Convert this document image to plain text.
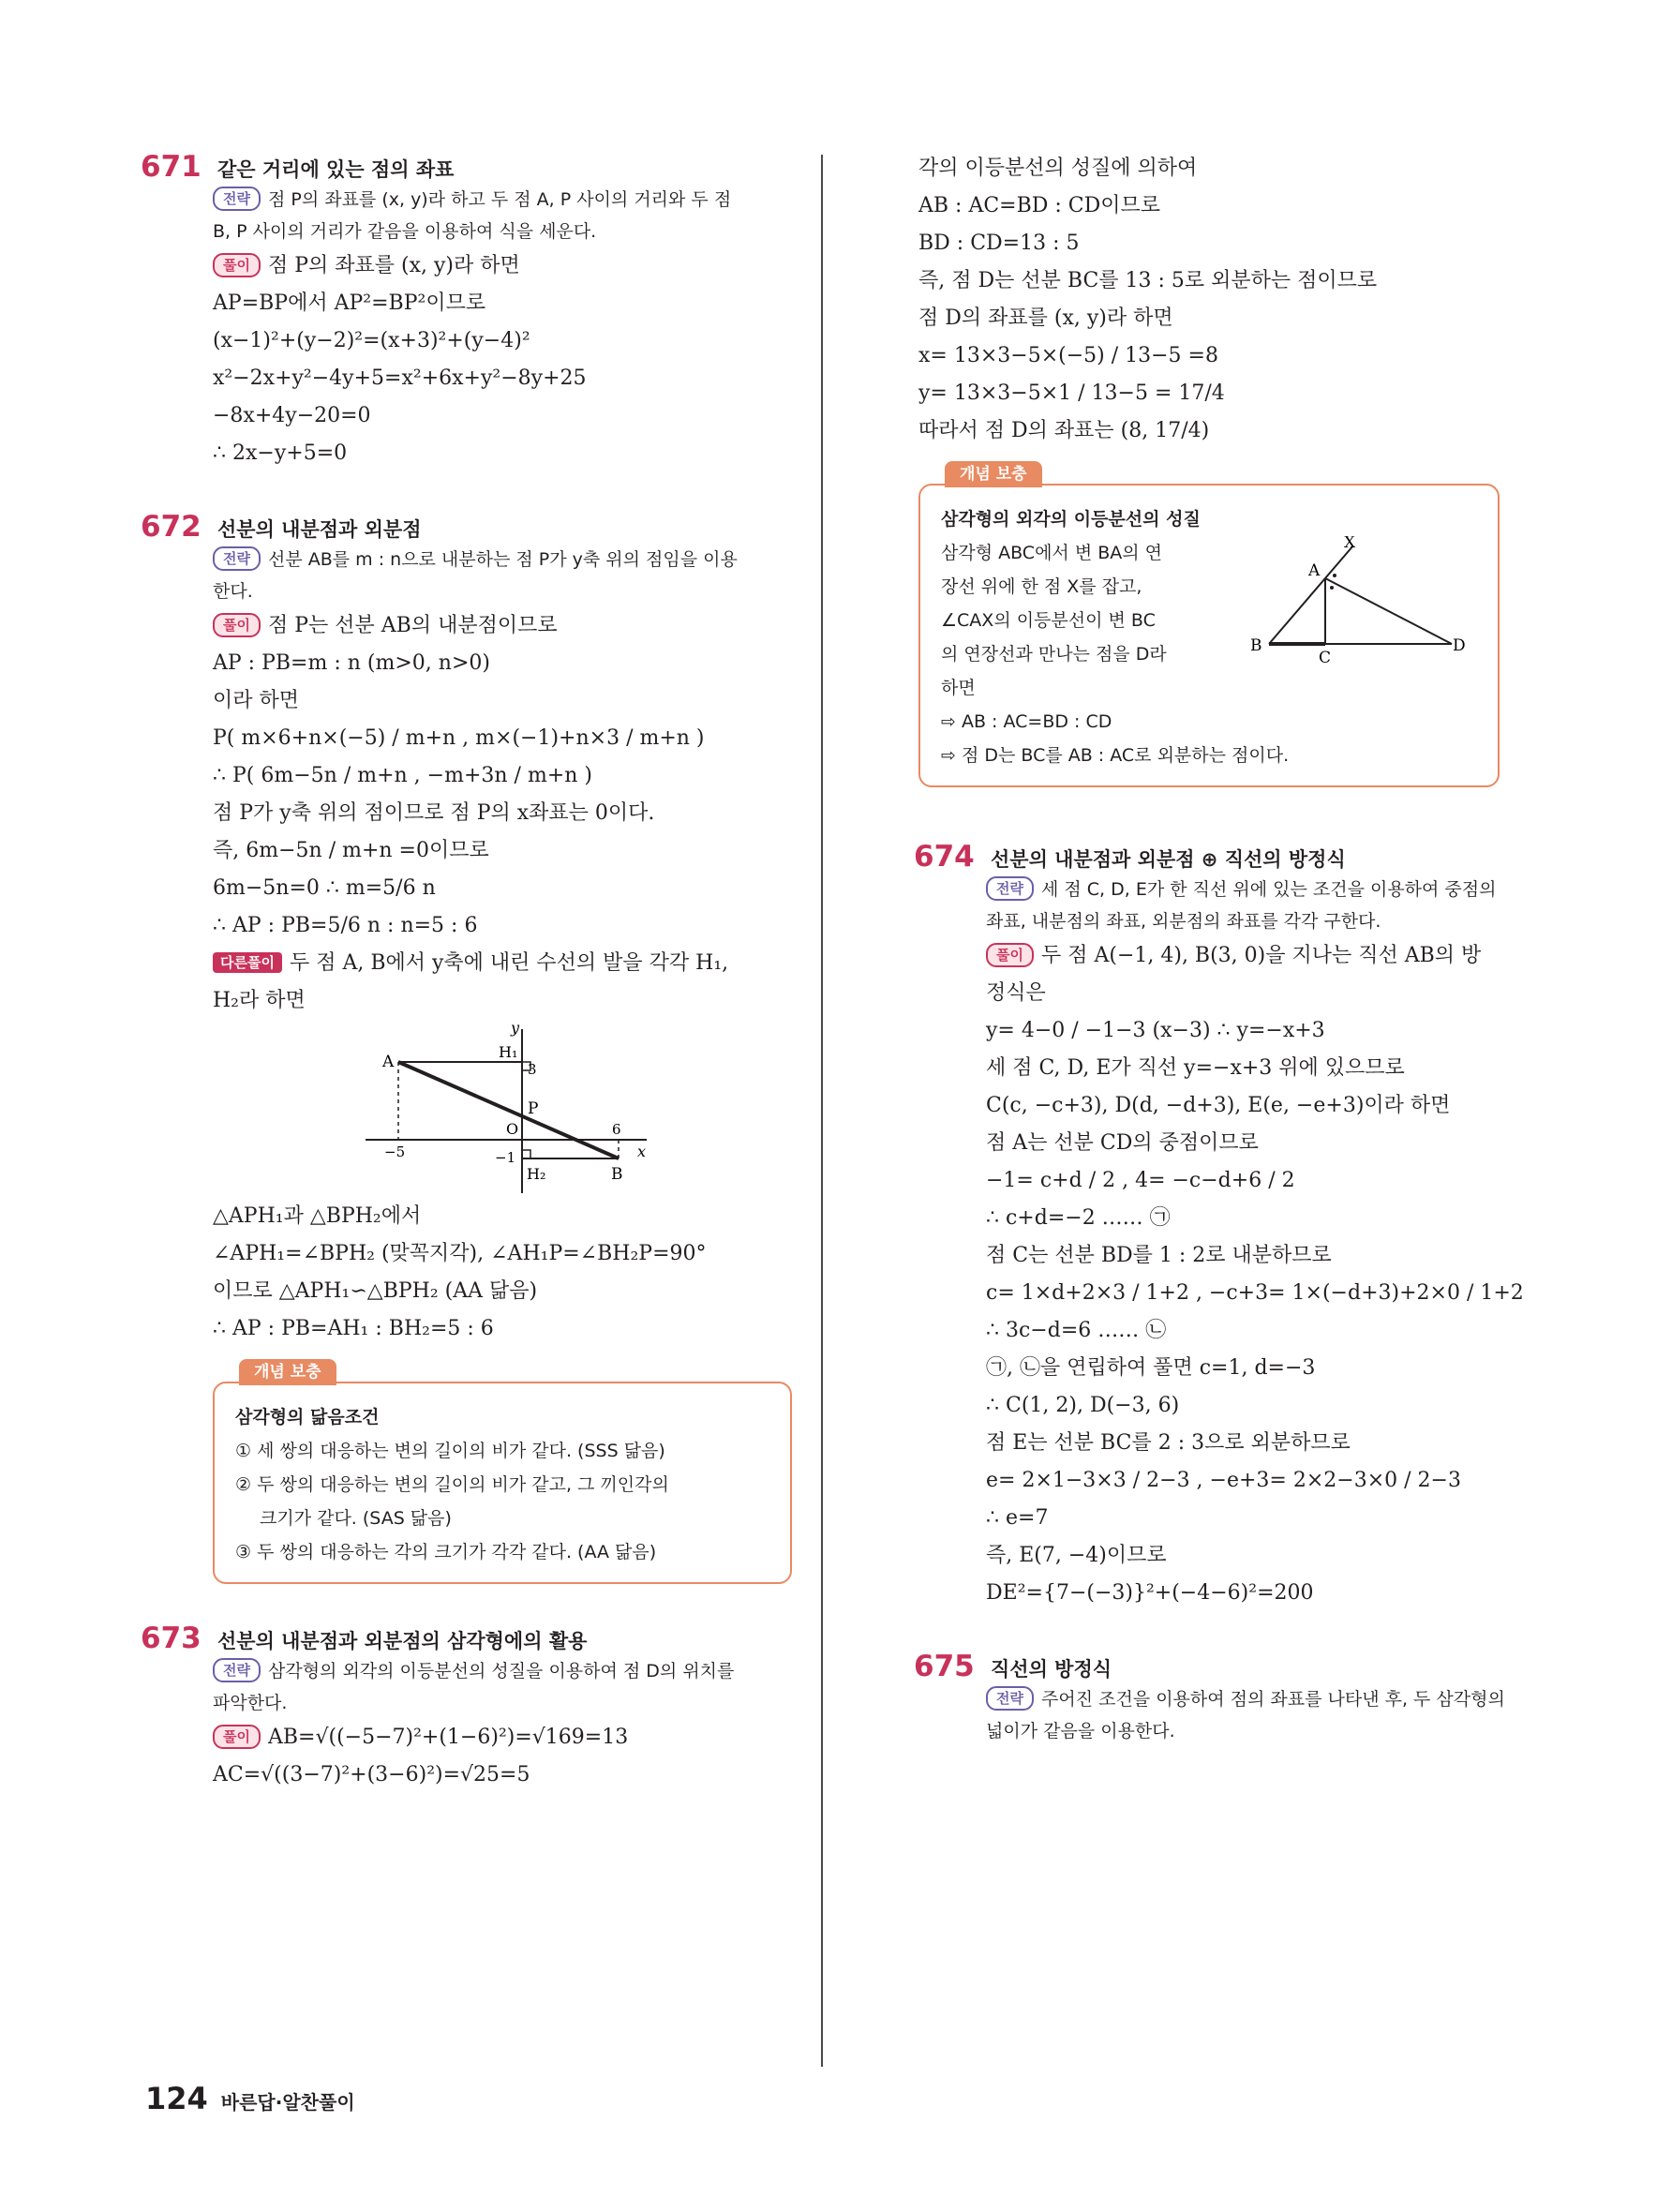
671 같은 거리에 있는 점의 좌표
전략 점 P의 좌표를 (x, y)라 하고 두 점 A, P 사이의 거리와 두 점
B, P 사이의 거리가 같음을 이용하여 식을 세운다.
풀이 점 P의 좌표를 (x, y)라 하면
AP=BP에서 AP²=BP²이므로
(x−1)²+(y−2)²=(x+3)²+(y−4)²
x²−2x+y²−4y+5=x²+6x+y²−8y+25
−8x+4y−20=0
∴ 2x−y+5=0
672 선분의 내분점과 외분점
전략 선분 AB를 m : n으로 내분하는 점 P가 y축 위의 점임을 이용
한다.
풀이 점 P는 선분 AB의 내분점이므로
AP : PB=m : n (m>0, n>0)
이라 하면
P( m×6+n×(−5) / m+n , m×(−1)+n×3 / m+n )
∴ P( 6m−5n / m+n , −m+3n / m+n )
점 P가 y축 위의 점이므로 점 P의 x좌표는 0이다.
즉, 6m−5n / m+n =0이므로
6m−5n=0 ∴ m=5/6 n
∴ AP : PB=5/6 n : n=5 : 6
다른풀이 두 점 A, B에서 y축에 내린 수선의 발을 각각 H₁,
H₂라 하면
A
B
P
O
H₁
H₂
3
−1
−5
6
x
y
△APH₁과 △BPH₂에서
∠APH₁=∠BPH₂ (맞꼭지각), ∠AH₁P=∠BH₂P=90°
이므로 △APH₁∽△BPH₂ (AA 닮음)
∴ AP : PB=AH₁ : BH₂=5 : 6
개념 보충
삼각형의 닮음조건
① 세 쌍의 대응하는 변의 길이의 비가 같다. (SSS 닮음)
② 두 쌍의 대응하는 변의 길이의 비가 같고, 그 끼인각의
크기가 같다. (SAS 닮음)
③ 두 쌍의 대응하는 각의 크기가 각각 같다. (AA 닮음)
673 선분의 내분점과 외분점의 삼각형에의 활용
전략 삼각형의 외각의 이등분선의 성질을 이용하여 점 D의 위치를
파악한다.
풀이 AB=√((−5−7)²+(1−6)²)=√169=13
AC=√((3−7)²+(3−6)²)=√25=5
각의 이등분선의 성질에 의하여
AB : AC=BD : CD이므로
BD : CD=13 : 5
즉, 점 D는 선분 BC를 13 : 5로 외분하는 점이므로
점 D의 좌표를 (x, y)라 하면
x= 13×3−5×(−5) / 13−5 =8
y= 13×3−5×1 / 13−5 = 17/4
따라서 점 D의 좌표는 (8, 17/4)
개념 보충
삼각형의 외각의 이등분선의 성질
삼각형 ABC에서 변 BA의 연
장선 위에 한 점 X를 잡고,
∠CAX의 이등분선이 변 BC
의 연장선과 만나는 점을 D라
하면
⇨ AB : AC=BD : CD
⇨ 점 D는 BC를 AB : AC로 외분하는 점이다.
X
A
B
C
D
674 선분의 내분점과 외분점 ⊕ 직선의 방정식
전략 세 점 C, D, E가 한 직선 위에 있는 조건을 이용하여 중점의
좌표, 내분점의 좌표, 외분점의 좌표를 각각 구한다.
풀이 두 점 A(−1, 4), B(3, 0)을 지나는 직선 AB의 방
정식은
y= 4−0 / −1−3 (x−3) ∴ y=−x+3
세 점 C, D, E가 직선 y=−x+3 위에 있으므로
C(c, −c+3), D(d, −d+3), E(e, −e+3)이라 하면
점 A는 선분 CD의 중점이므로
−1= c+d / 2 , 4= −c−d+6 / 2
∴ c+d=−2 …… ㉠
점 C는 선분 BD를 1 : 2로 내분하므로
c= 1×d+2×3 / 1+2 , −c+3= 1×(−d+3)+2×0 / 1+2
∴ 3c−d=6 …… ㉡
㉠, ㉡을 연립하여 풀면 c=1, d=−3
∴ C(1, 2), D(−3, 6)
점 E는 선분 BC를 2 : 3으로 외분하므로
e= 2×1−3×3 / 2−3 , −e+3= 2×2−3×0 / 2−3
∴ e=7
즉, E(7, −4)이므로
DE²={7−(−3)}²+(−4−6)²=200
675 직선의 방정식
전략 주어진 조건을 이용하여 점의 좌표를 나타낸 후, 두 삼각형의
넓이가 같음을 이용한다.
124 바른답·알찬풀이
